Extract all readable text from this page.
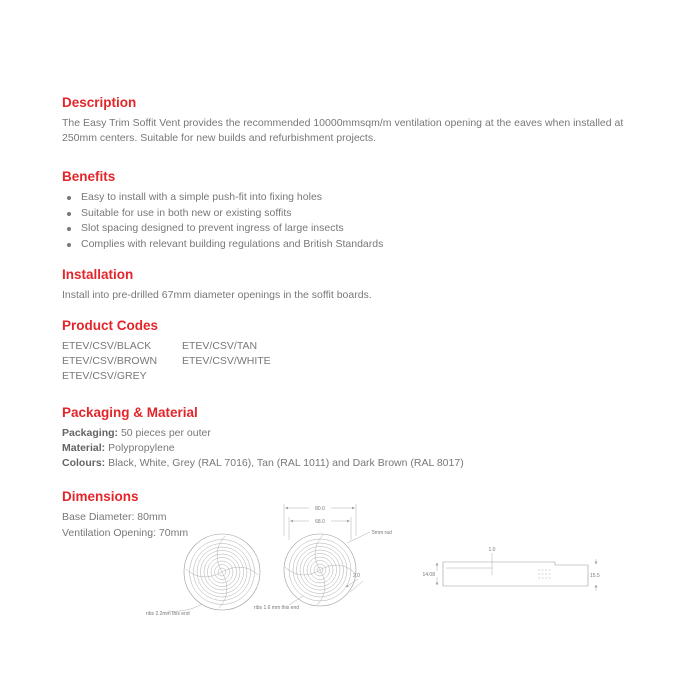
Description

The Easy Trim Soffit Vent provides the recommended 10000mmsqm/m ventilation opening at the eaves when installed at 250mm centers. Suitable for new builds and refurbishment projects.

Benefits
Easy to install with a simple push-fit into fixing holes
Suitable for use in both new or existing soffits
Slot spacing designed to prevent ingress of large insects
Complies with relevant building regulations and British Standards
Installation

Install into pre-drilled 67mm diameter openings in the soffit boards.

Product Codes
ETEV/CSV/BLACK
ETEV/CSV/BROWN
ETEV/CSV/GREY
ETEV/CSV/TAN
ETEV/CSV/WHITE
Packaging & Material

Packaging: 50 pieces per outer

Material: Polypropylene

Colours: Black, White, Grey (RAL 7016), Tan (RAL 1011) and Dark Brown (RAL 8017)

Dimensions
Base Diameter: 80mm
Ventilation Opening: 70mm
ribs 2.2mm this end
80.0
68.0
5mm rad
2.0
ribs 1.6 mm this end
1.0
14.08	15.5
